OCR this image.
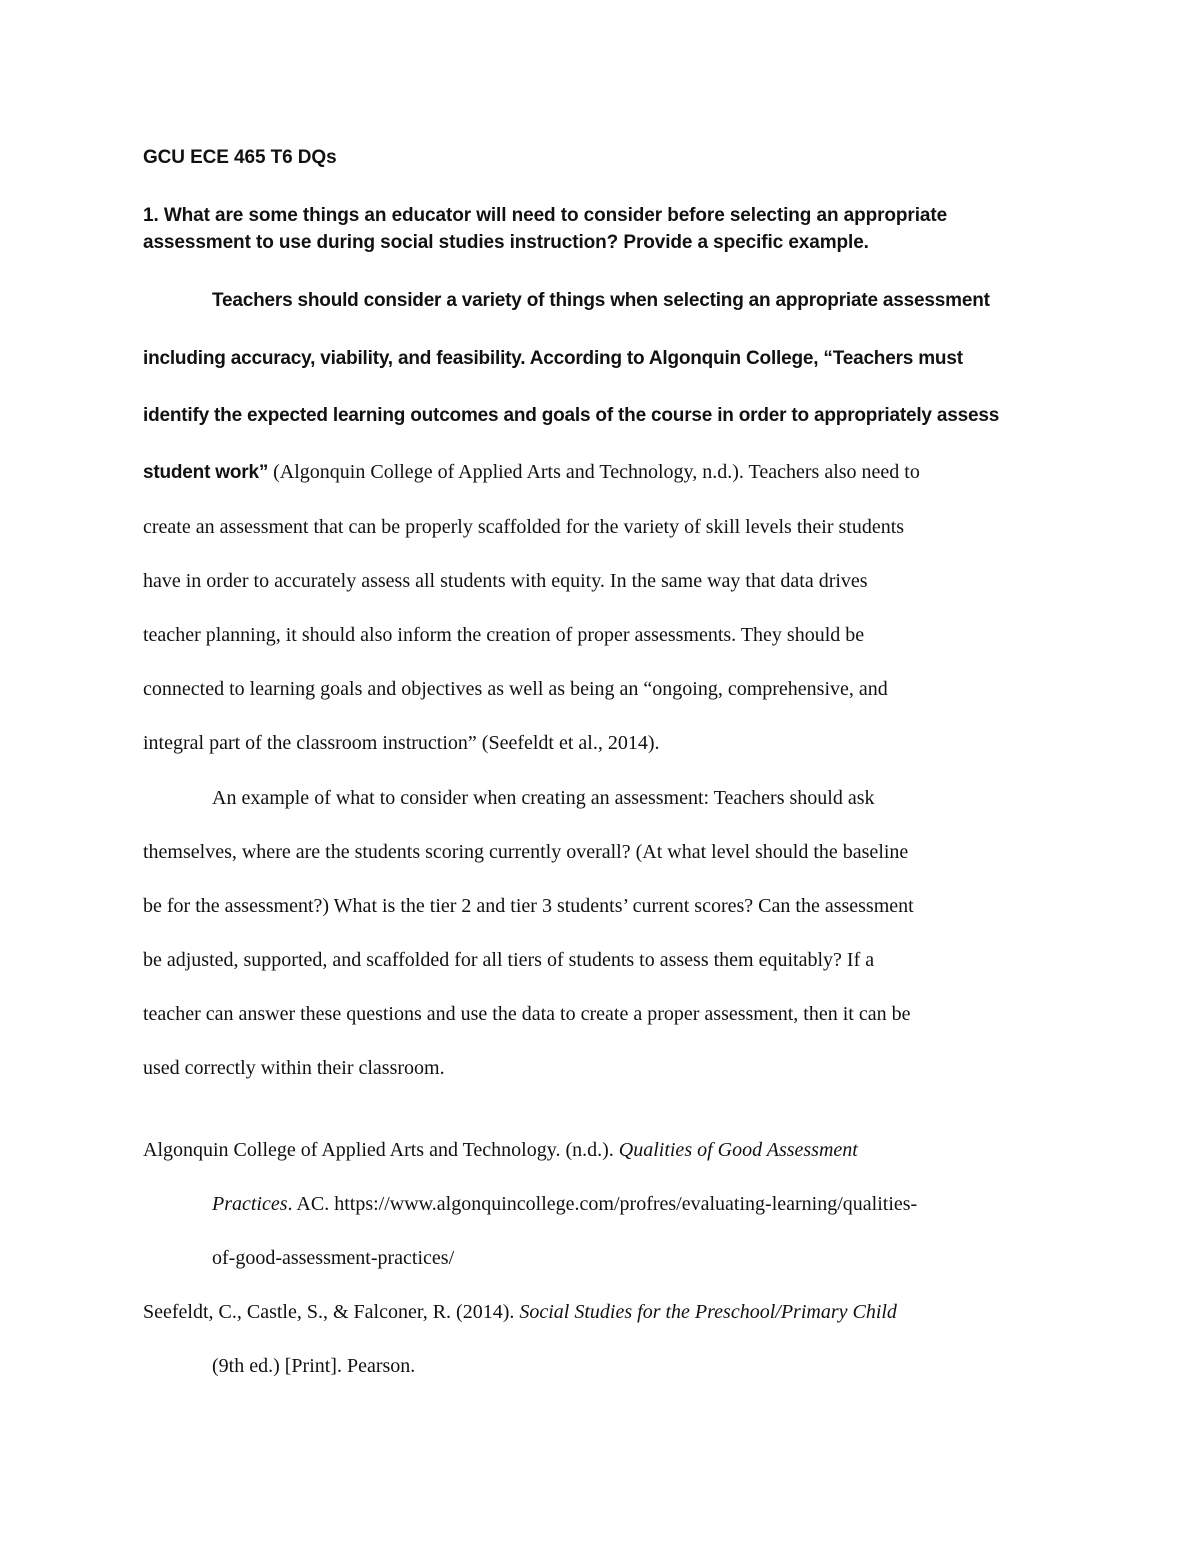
GCU ECE 465 T6 DQs
1. What are some things an educator will need to consider before selecting an appropriate
assessment to use during social studies instruction? Provide a specific example.
Teachers should consider a variety of things when selecting an appropriate assessment
including accuracy, viability, and feasibility. According to Algonquin College, “Teachers must
identify the expected learning outcomes and goals of the course in order to appropriately assess
student work” (Algonquin College of Applied Arts and Technology, n.d.). Teachers also need to
create an assessment that can be properly scaffolded for the variety of skill levels their students
have in order to accurately assess all students with equity. In the same way that data drives
teacher planning, it should also inform the creation of proper assessments. They should be
connected to learning goals and objectives as well as being an “ongoing, comprehensive, and
integral part of the classroom instruction” (Seefeldt et al., 2014).
An example of what to consider when creating an assessment: Teachers should ask
themselves, where are the students scoring currently overall? (At what level should the baseline
be for the assessment?) What is the tier 2 and tier 3 students’ current scores? Can the assessment
be adjusted, supported, and scaffolded for all tiers of students to assess them equitably? If a
teacher can answer these questions and use the data to create a proper assessment, then it can be
used correctly within their classroom.
Algonquin College of Applied Arts and Technology. (n.d.). Qualities of Good Assessment
Practices. AC. https://www.algonquincollege.com/profres/evaluating-learning/qualities-
of-good-assessment-practices/
Seefeldt, C., Castle, S., & Falconer, R. (2014). Social Studies for the Preschool/Primary Child
(9th ed.) [Print]. Pearson.
